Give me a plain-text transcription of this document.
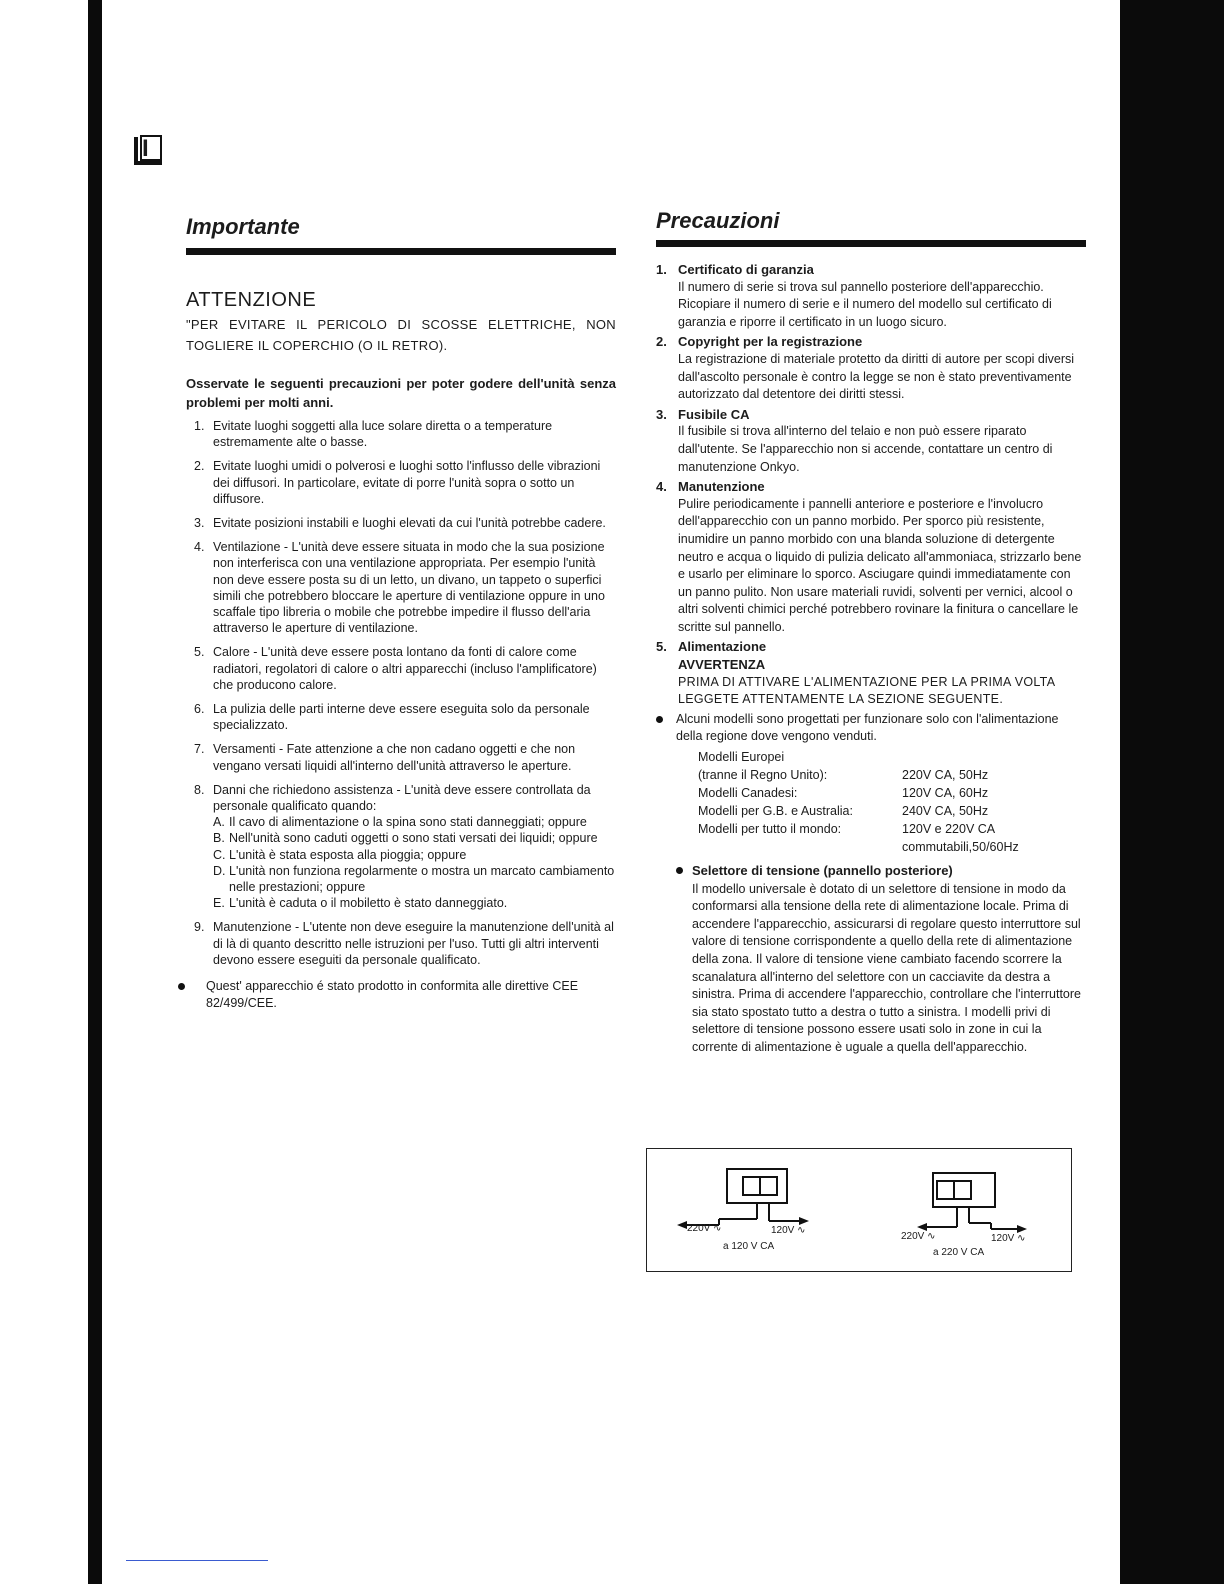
I
Importante
ATTENZIONE
"PER EVITARE IL PERICOLO DI SCOSSE ELETTRICHE, NON TOGLIERE IL COPERCHIO (O IL RETRO).
Osservate le seguenti precauzioni per poter godere dell'unità senza problemi per molti anni.
1. Evitate luoghi soggetti alla luce solare diretta o a temperature estremamente alte o basse.
2. Evitate luoghi umidi o polverosi e luoghi sotto l'influsso delle vibrazioni dei diffusori. In particolare, evitate di porre l'unità sopra o sotto un diffusore.
3. Evitate posizioni instabili e luoghi elevati da cui l'unità potrebbe cadere.
4. Ventilazione - L'unità deve essere situata in modo che la sua posizione non interferisca con una ventilazione appropriata. Per esempio l'unità non deve essere posta su di un letto, un divano, un tappeto o superfici simili che potrebbero bloccare le aperture di ventilazione oppure in uno scaffale tipo libreria o mobile che potrebbe impedire il flusso dell'aria attraverso le aperture di ventilazione.
5. Calore - L'unità deve essere posta lontano da fonti di calore come radiatori, regolatori di calore o altri apparecchi (incluso l'amplificatore) che producono calore.
6. La pulizia delle parti interne deve essere eseguita solo da personale specializzato.
7. Versamenti - Fate attenzione a che non cadano oggetti e che non vengano versati liquidi all'interno dell'unità attraverso le aperture.
8. Danni che richiedono assistenza - L'unità deve essere controllata da personale qualificato quando:
A. Il cavo di alimentazione o la spina sono stati danneggiati; oppure
B. Nell'unità sono caduti oggetti o sono stati versati dei liquidi; oppure
C. L'unità è stata esposta alla pioggia; oppure
D. L'unità non funziona regolarmente o mostra un marcato cambiamento nelle prestazioni; oppure
E. L'unità è caduta o il mobiletto è stato danneggiato.
9. Manutenzione - L'utente non deve eseguire la manutenzione dell'unità al di là di quanto descritto nelle istruzioni per l'uso. Tutti gli altri interventi devono essere eseguiti da personale qualificato.
Quest' apparecchio é stato prodotto in conformita alle direttive CEE 82/499/CEE.
Precauzioni
1. Certificato di garanzia
Il numero di serie si trova sul pannello posteriore dell'apparecchio. Ricopiare il numero di serie e il numero del modello sul certificato di garanzia e riporre il certificato in un luogo sicuro.
2. Copyright per la registrazione
La registrazione di materiale protetto da diritti di autore per scopi diversi dall'ascolto personale è contro la legge se non è stato preventivamente autorizzato dal detentore dei diritti stessi.
3. Fusibile CA
Il fusibile si trova all'interno del telaio e non può essere riparato dall'utente. Se l'apparecchio non si accende, contattare un centro di manutenzione Onkyo.
4. Manutenzione
Pulire periodicamente i pannelli anteriore e posteriore e l'involucro dell'apparecchio con un panno morbido. Per sporco più resistente, inumidire un panno morbido con una blanda soluzione di detergente neutro e acqua o liquido di pulizia delicato all'ammoniaca, strizzarlo bene e usarlo per eliminare lo sporco. Asciugare quindi immediatamente con un panno pulito. Non usare materiali ruvidi, solventi per vernici, alcool o altri solventi chimici perché potrebbero rovinare la finitura o cancellare le scritte sul pannello.
5. Alimentazione
AVVERTENZA
PRIMA DI ATTIVARE L'ALIMENTAZIONE PER LA PRIMA VOLTA LEGGETE ATTENTAMENTE LA SEZIONE SEGUENTE.
Alcuni modelli sono progettati per funzionare solo con l'alimentazione della regione dove vengono venduti.
Modelli Europei
(tranne il Regno Unito):	220V CA, 50Hz
Modelli Canadesi:	120V CA, 60Hz
Modelli per G.B. e Australia:	240V CA, 50Hz
Modelli per tutto il mondo:	120V e 220V CA
commutabili,50/60Hz
Selettore di tensione (pannello posteriore)
Il modello universale è dotato di un selettore di tensione in modo da conformarsi alla tensione della rete di alimentazione locale. Prima di accendere l'apparecchio, assicurarsi di regolare questo interruttore sul valore di tensione corrispondente a quello della rete di alimentazione della zona. Il valore di tensione viene cambiato facendo scorrere la scanalatura all'interno del selettore con un cacciavite da destra a sinistra. Prima di accendere l'apparecchio, controllare che l'interruttore sia stato spostato tutto a destra o tutto a sinistra. I modelli privi di selettore di tensione possono essere usati solo in zone in cui la corrente di alimentazione è uguale a quella dell'apparecchio.
220V ∿	120V ∿
a 120 V CA
220V ∿	120V ∿
a 220 V CA
